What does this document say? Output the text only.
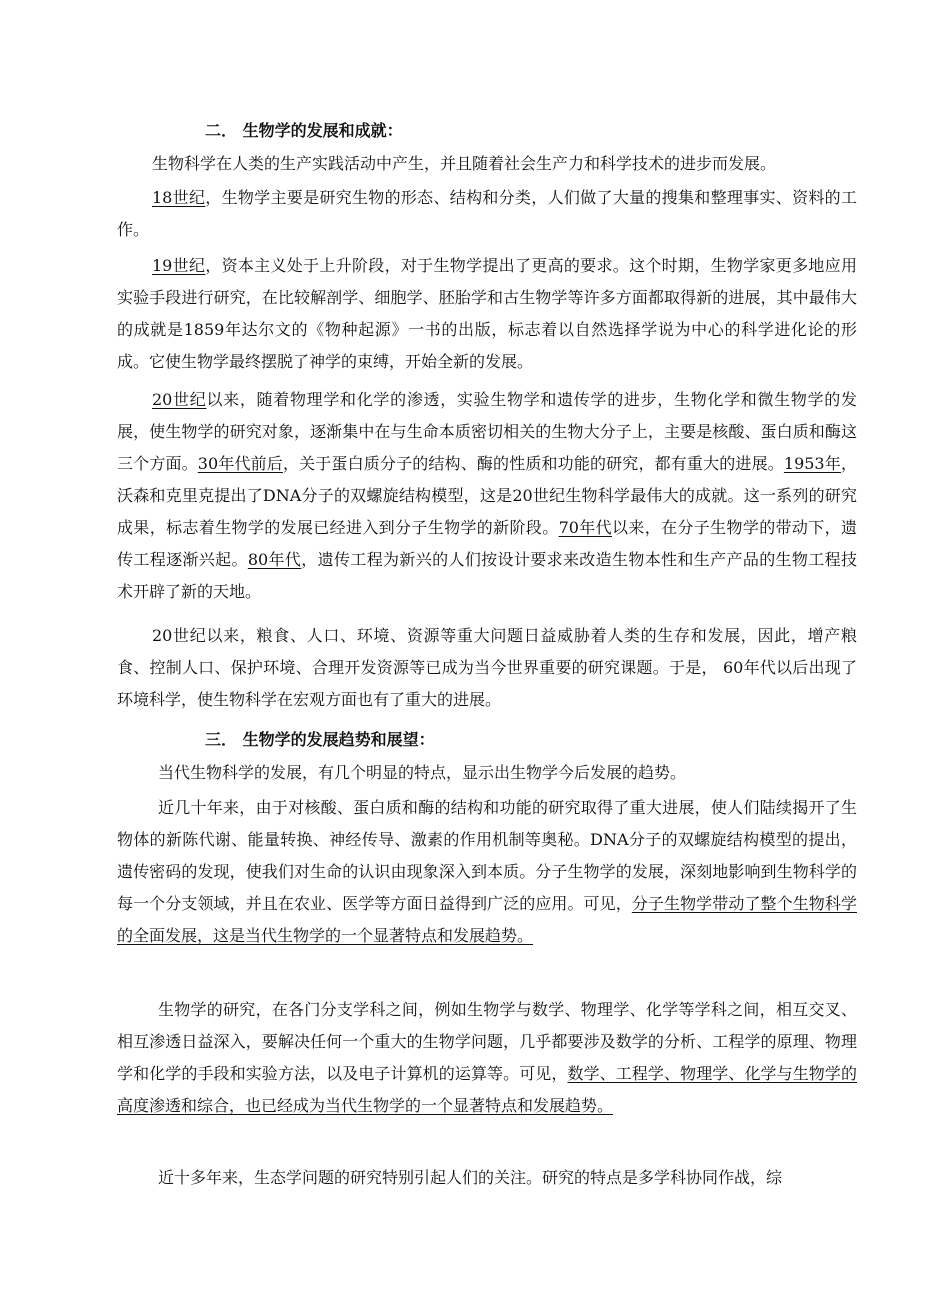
二． 生物学的发展和成就：
生物科学在人类的生产实践活动中产生，并且随着社会生产力和科学技术的进步而发展。
18世纪，生物学主要是研究生物的形态、结构和分类，人们做了大量的搜集和整理事实、资料的工作。
19世纪，资本主义处于上升阶段，对于生物学提出了更高的要求。这个时期，生物学家更多地应用实验手段进行研究，在比较解剖学、细胞学、胚胎学和古生物学等许多方面都取得新的进展，其中最伟大的成就是1859年达尔文的《物种起源》一书的出版，标志着以自然选择学说为中心的科学进化论的形成。它使生物学最终摆脱了神学的束缚，开始全新的发展。
20世纪以来，随着物理学和化学的渗透，实验生物学和遗传学的进步，生物化学和微生物学的发展，使生物学的研究对象，逐渐集中在与生命本质密切相关的生物大分子上，主要是核酸、蛋白质和酶这三个方面。30年代前后，关于蛋白质分子的结构、酶的性质和功能的研究，都有重大的进展。1953年，沃森和克里克提出了DNA分子的双螺旋结构模型，这是20世纪生物科学最伟大的成就。这一系列的研究成果，标志着生物学的发展已经进入到分子生物学的新阶段。70年代以来，在分子生物学的带动下，遗传工程逐渐兴起。80年代，遗传工程为新兴的人们按设计要求来改造生物本性和生产产品的生物工程技术开辟了新的天地。
20世纪以来，粮食、人口、环境、资源等重大问题日益威胁着人类的生存和发展，因此，增产粮食、控制人口、保护环境、合理开发资源等已成为当今世界重要的研究课题。于是， 60年代以后出现了环境科学，使生物科学在宏观方面也有了重大的进展。
三． 生物学的发展趋势和展望：
当代生物科学的发展，有几个明显的特点，显示出生物学今后发展的趋势。
近几十年来，由于对核酸、蛋白质和酶的结构和功能的研究取得了重大进展，使人们陆续揭开了生物体的新陈代谢、能量转换、神经传导、激素的作用机制等奥秘。DNA分子的双螺旋结构模型的提出，遗传密码的发现，使我们对生命的认识由现象深入到本质。分子生物学的发展，深刻地影响到生物科学的每一个分支领域，并且在农业、医学等方面日益得到广泛的应用。可见，分子生物学带动了整个生物科学的全面发展，这是当代生物学的一个显著特点和发展趋势。
生物学的研究，在各门分支学科之间，例如生物学与数学、物理学、化学等学科之间，相互交叉、相互渗透日益深入，要解决任何一个重大的生物学问题，几乎都要涉及数学的分析、工程学的原理、物理学和化学的手段和实验方法，以及电子计算机的运算等。可见，数学、工程学、物理学、化学与生物学的高度渗透和综合，也已经成为当代生物学的一个显著特点和发展趋势。
近十多年来，生态学问题的研究特别引起人们的关注。研究的特点是多学科协同作战，综
